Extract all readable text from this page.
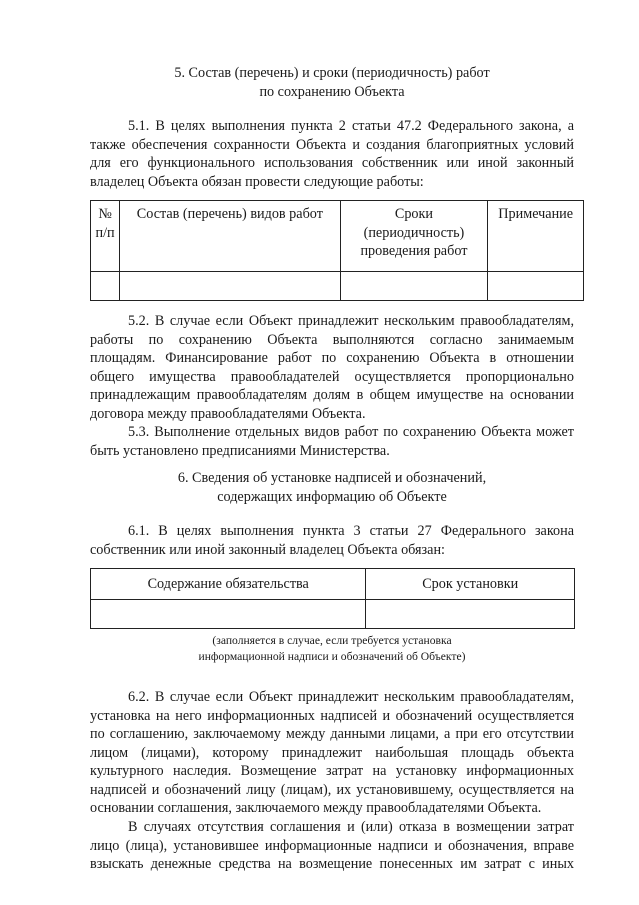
5. Состав (перечень) и сроки (периодичность) работ
по сохранению Объекта
5.1. В целях выполнения пункта 2 статьи 47.2 Федерального закона, а
также обеспечения сохранности Объекта и создания благоприятных условий
для его функционального использования собственник или иной законный
владелец Объекта обязан провести следующие работы:
№ п/п	Состав (перечень) видов работ	Сроки (периодичность) проведения работ	Примечание

5.2. В случае если Объект принадлежит нескольким правообладателям,
работы по сохранению Объекта выполняются согласно занимаемым
площадям. Финансирование работ по сохранению Объекта в отношении
общего имущества правообладателей осуществляется пропорционально
принадлежащим правообладателям долям в общем имуществе на основании
договора между правообладателями Объекта.
5.3. Выполнение отдельных видов работ по сохранению Объекта может
быть установлено предписаниями Министерства.
6. Сведения об установке надписей и обозначений,
содержащих информацию об Объекте
6.1. В целях выполнения пункта 3 статьи 27 Федерального закона
собственник или иной законный владелец Объекта обязан:
Содержание обязательства	Срок установки

(заполняется в случае, если требуется установка
информационной надписи и обозначений об Объекте)
6.2. В случае если Объект принадлежит нескольким правообладателям,
установка на него информационных надписей и обозначений осуществляется
по соглашению, заключаемому между данными лицами, а при его отсутствии
лицом (лицами), которому принадлежит наибольшая площадь объекта
культурного наследия. Возмещение затрат на установку информационных
надписей и обозначений лицу (лицам), их установившему, осуществляется на
основании соглашения, заключаемого между правообладателями Объекта.
В случаях отсутствия соглашения и (или) отказа в возмещении затрат
лицо (лица), установившее информационные надписи и обозначения, вправе
взыскать денежные средства на возмещение понесенных им затрат с иных
